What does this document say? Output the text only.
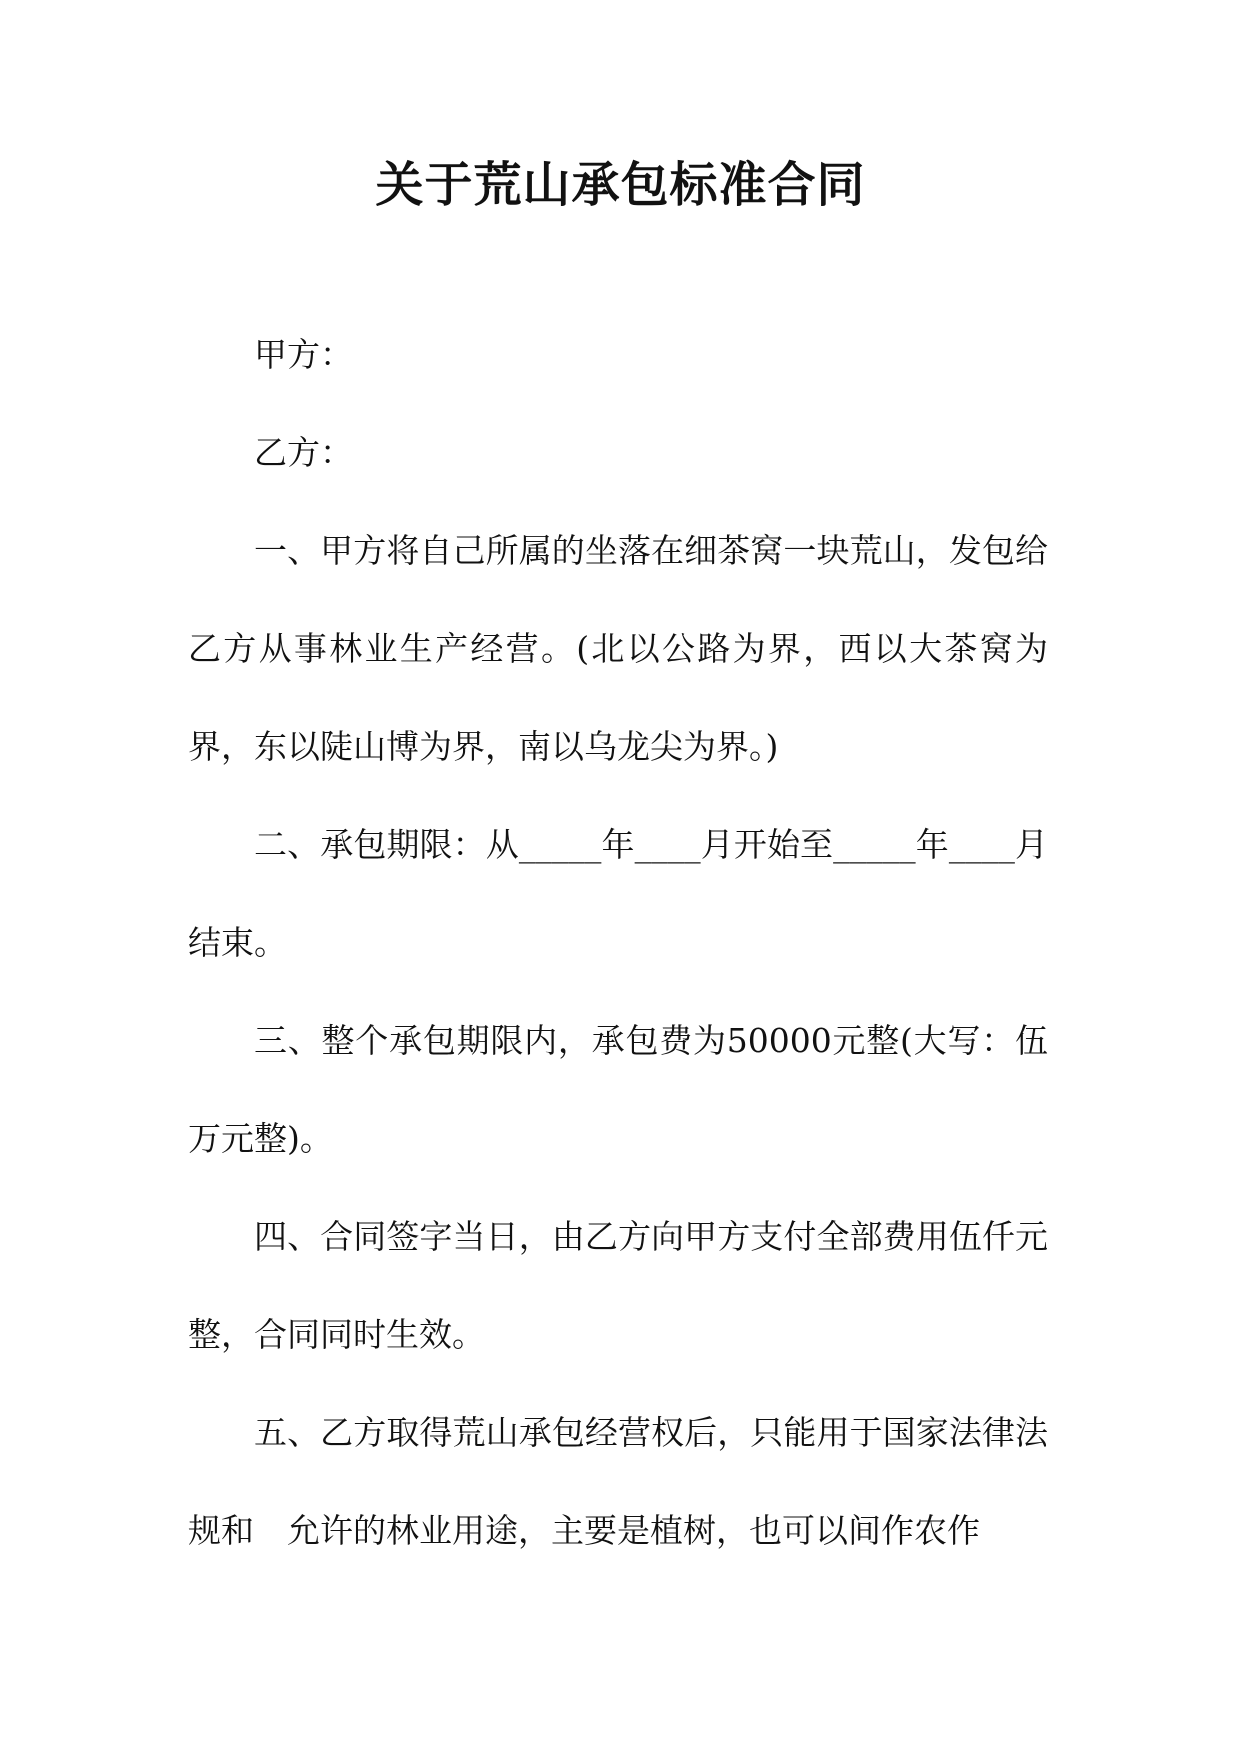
关于荒山承包标准合同

甲方：

乙方：

一、甲方将自己所属的坐落在细茶窝一块荒山，发包给乙方从事林业生产经营。(北以公路为界，西以大茶窝为界，东以陡山博为界，南以乌龙尖为界。)

二、承包期限：从_____年____月开始至_____年____月结束。

三、整个承包期限内，承包费为50000元整(大写：伍万元整)。

四、合同签字当日，由乙方向甲方支付全部费用伍仟元整，合同同时生效。

五、乙方取得荒山承包经营权后，只能用于国家法律法规和　允许的林业用途，主要是植树，也可以间作农作
